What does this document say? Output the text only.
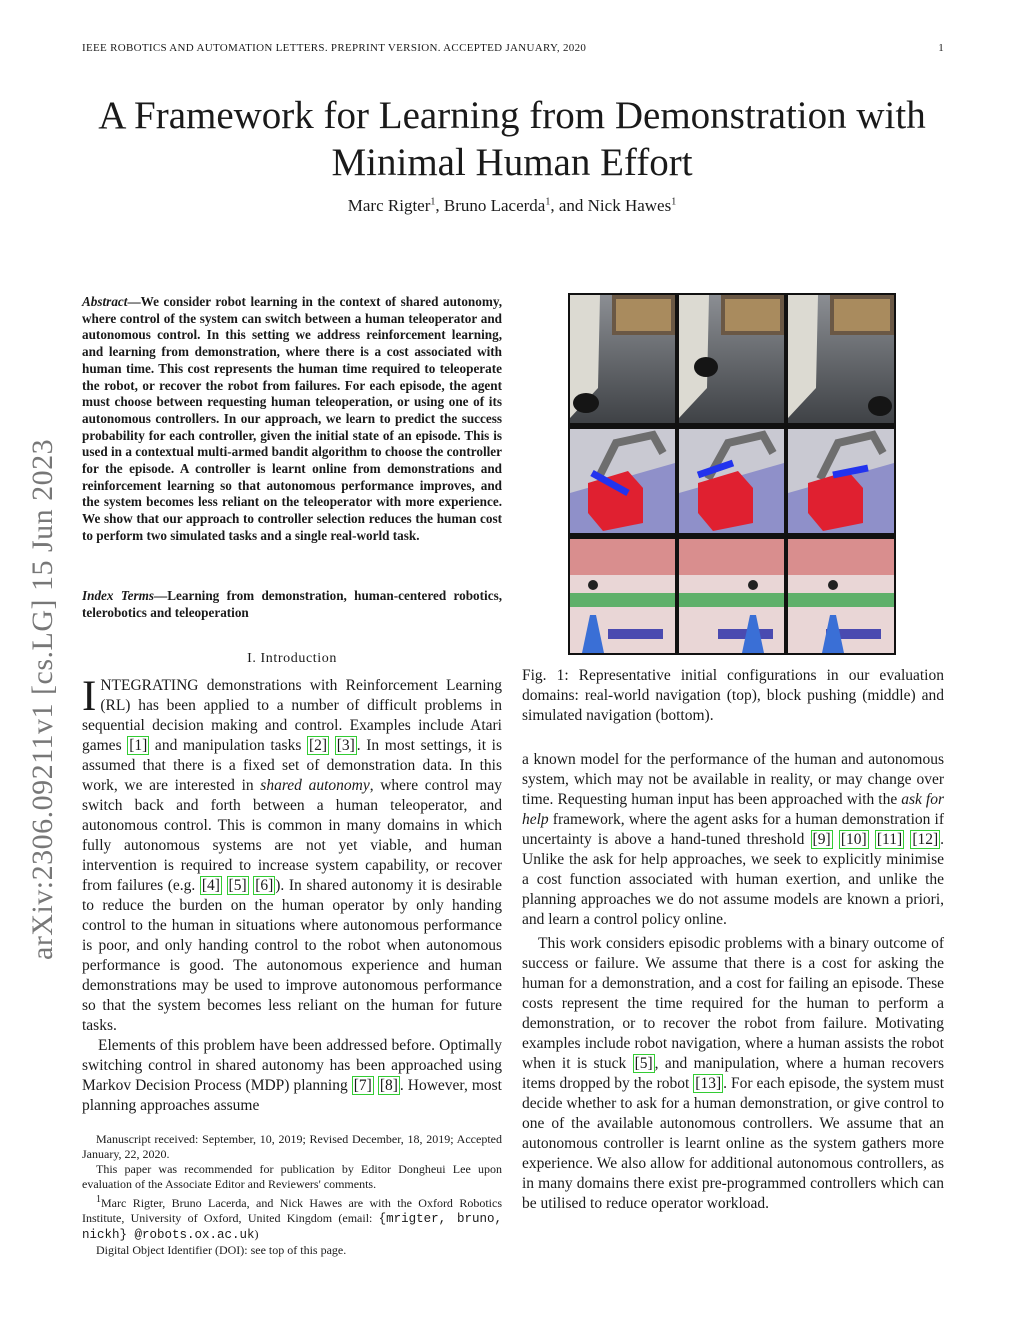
IEEE ROBOTICS AND AUTOMATION LETTERS. PREPRINT VERSION. ACCEPTED JANUARY, 2020	1
A Framework for Learning from Demonstration with
Minimal Human Effort
Marc Rigter$^1$, Bruno Lacerda$^1$, and Nick Hawes$^1$
arXiv:2306.09211v1 [cs.LG] 15 Jun 2023
Abstract—We consider robot learning in the context of shared autonomy, where control of the system can switch between a human teleoperator and autonomous control. In this setting we address reinforcement learning, and learning from demonstration, where there is a cost associated with human time. This cost represents the human time required to teleoperate the robot, or recover the robot from failures. For each episode, the agent must choose between requesting human teleoperation, or using one of its autonomous controllers. In our approach, we learn to predict the success probability for each controller, given the initial state of an episode. This is used in a contextual multi-armed bandit algorithm to choose the controller for the episode. A controller is learnt online from demonstrations and reinforcement learning so that autonomous performance improves, and the system becomes less reliant on the teleoperator with more experience. We show that our approach to controller selection reduces the human cost to perform two simulated tasks and a single real-world task.
Index Terms—Learning from demonstration, human-centered robotics, telerobotics and teleoperation
I. Introduction

INTEGRATING demonstrations with Reinforcement Learning (RL) has been applied to a number of difficult problems in sequential decision making and control. Examples include Atari games [1] and manipulation tasks [2] [3] . In most settings, it is assumed that there is a fixed set of demonstration data. In this work, we are interested in shared autonomy, where control may switch back and forth between a human teleoperator, and autonomous control. This is common in many domains in which fully autonomous systems are not yet viable, and human intervention is required to increase system capability, or recover from failures (e.g. [4] [5] [6] ). In shared autonomy it is desirable to reduce the burden on the human operator by only handing control to the human in situations where autonomous performance is poor, and only handing control to the robot when autonomous performance is good. The autonomous experience and human demonstrations may be used to improve autonomous performance so that the system becomes less reliant on the human for future tasks.

Elements of this problem have been addressed before. Optimally switching control in shared autonomy has been approached using Markov Decision Process (MDP) planning [7] [8] . However, most planning approaches assume

Manuscript received: September, 10, 2019; Revised December, 18, 2019; Accepted January, 22, 2020.

This paper was recommended for publication by Editor Dongheui Lee upon evaluation of the Associate Editor and Reviewers' comments.

$^1$Marc Rigter, Bruno Lacerda, and Nick Hawes are with the Oxford Robotics Institute, University of Oxford, United Kingdom (email: {mrigter, bruno, nickh} @robots.ox.ac.uk)

Digital Object Identifier (DOI): see top of this page.

Fig. 1: Representative initial configurations in our evaluation domains: real-world navigation (top), block pushing (middle) and simulated navigation (bottom).

a known model for the performance of the human and autonomous system, which may not be available in reality, or may change over time. Requesting human input has been approached with the ask for help framework, where the agent asks for a human demonstration if uncertainty is above a hand-tuned threshold [9] [10] [11] [12] . Unlike the ask for help approaches, we seek to explicitly minimise a cost function associated with human exertion, and unlike the planning approaches we do not assume models are known a priori, and learn a control policy online.

This work considers episodic problems with a binary outcome of success or failure. We assume that there is a cost for asking the human for a demonstration, and a cost for failing an episode. These costs represent the time required for the human to perform a demonstration, or to recover the robot from failure. Motivating examples include robot navigation, where a human assists the robot when it is stuck [5] , and manipulation, where a human recovers items dropped by the robot [13] . For each episode, the system must decide whether to ask for a human demonstration, or give control to one of the available autonomous controllers. We assume that an autonomous controller is learnt online as the system gathers more experience. We also allow for additional autonomous controllers, as in many domains there exist pre-programmed controllers which can be utilised to reduce operator workload.
